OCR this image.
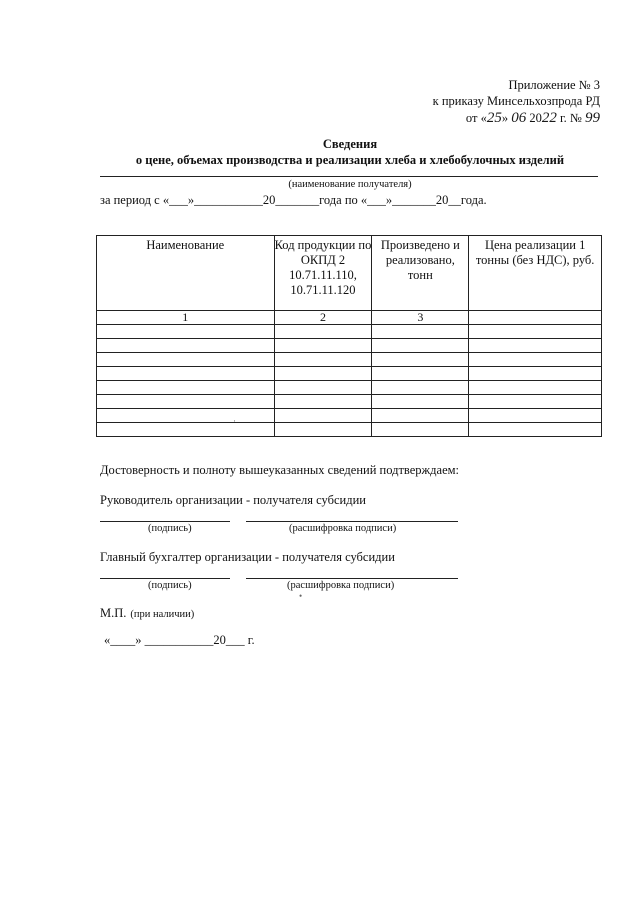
Приложение № 3
к приказу Минсельхозпрода РД
от «25» 06 2022 г. № 99
Сведения
о цене, объемах производства и реализации хлеба и хлебобулочных изделий
(наименование получателя)
за период с «___»___________20_______года по «___»_______20__года.
Наименование	Код продукции по ОКПД 2 10.71.11.110, 10.71.11.120	Произведено и реализовано, тонн	Цена реализации 1 тонны (без НДС), руб.
1	2	3	

Достоверность и полноту вышеуказанных сведений подтверждаем:
Руководитель организации - получателя субсидии
(подпись)	(расшифровка подписи)
Главный бухгалтер организации - получателя субсидии
(подпись)	(расшифровка подписи)
М.П. (при наличии)
«____» ___________20___ г.
•
·
